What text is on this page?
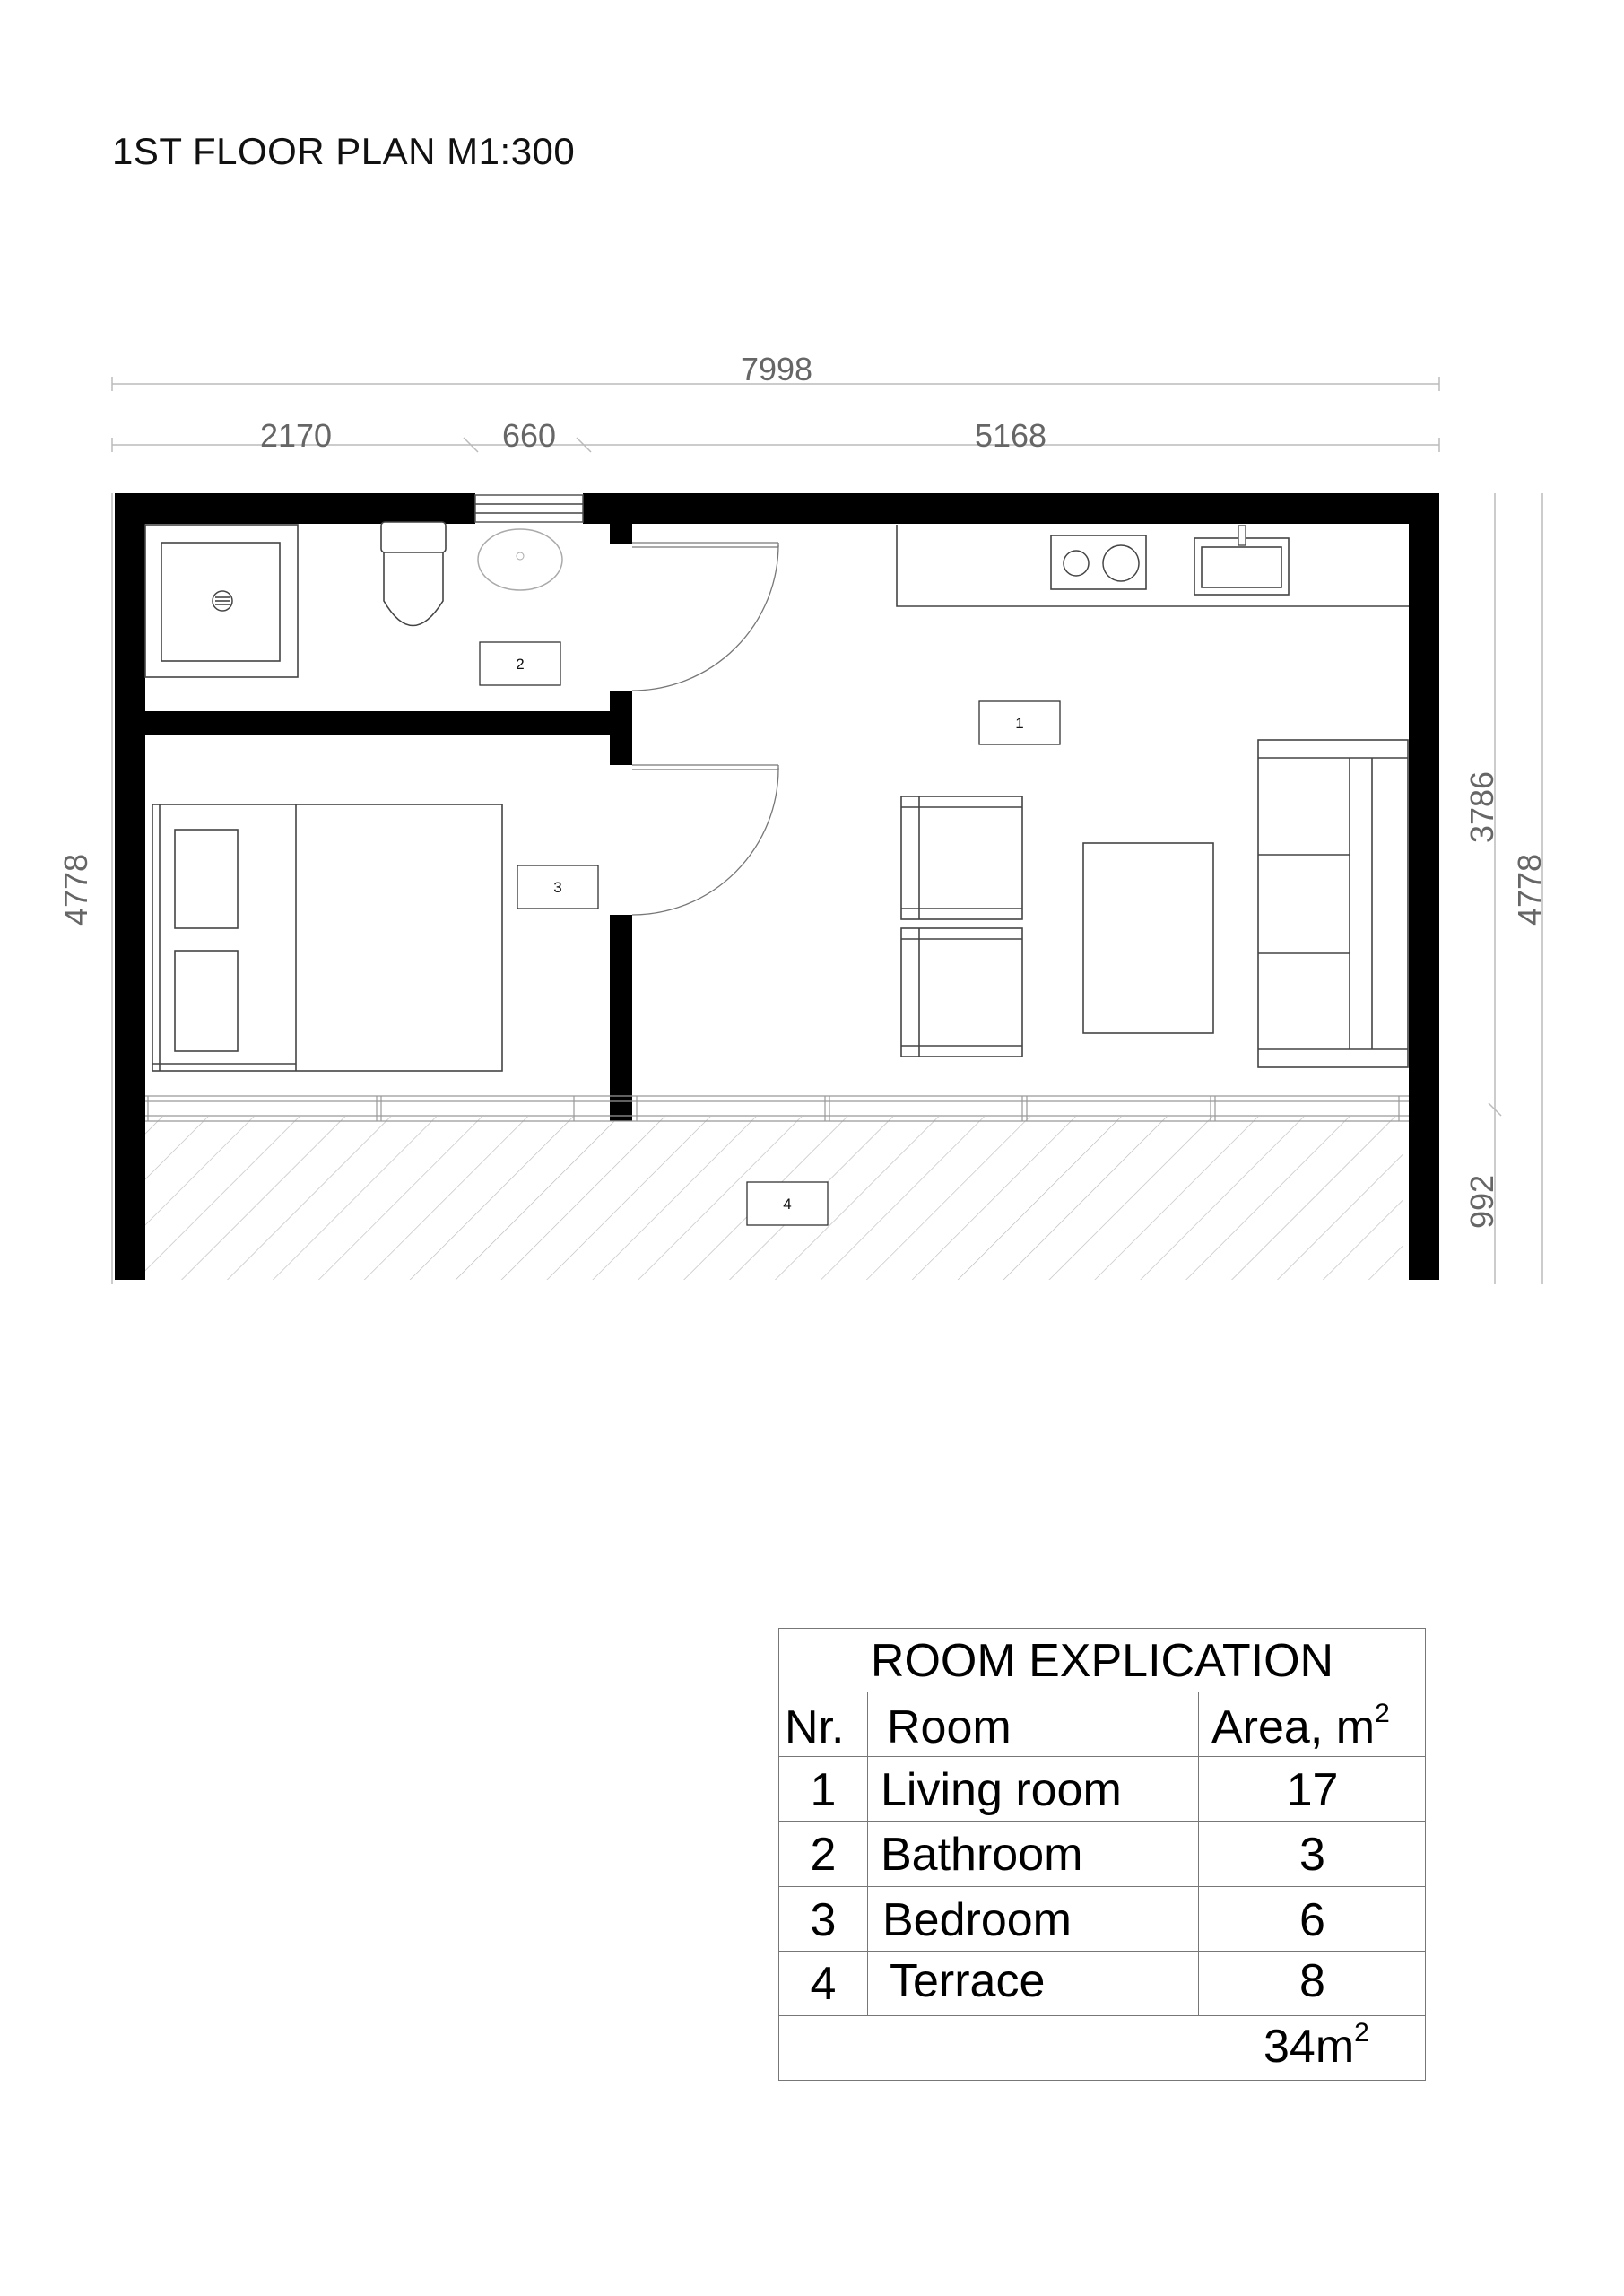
1ST FLOOR PLAN M1:300
7998
2170	660	5168
4778
3786
992
4778
1
2
3
4
ROOM EXPLICATION
Nr. Room	Area, $m^2$
1 Living room	17
2 Bathroom	3
3 Bedroom	6
4	Terrace	8
$34m^2$
